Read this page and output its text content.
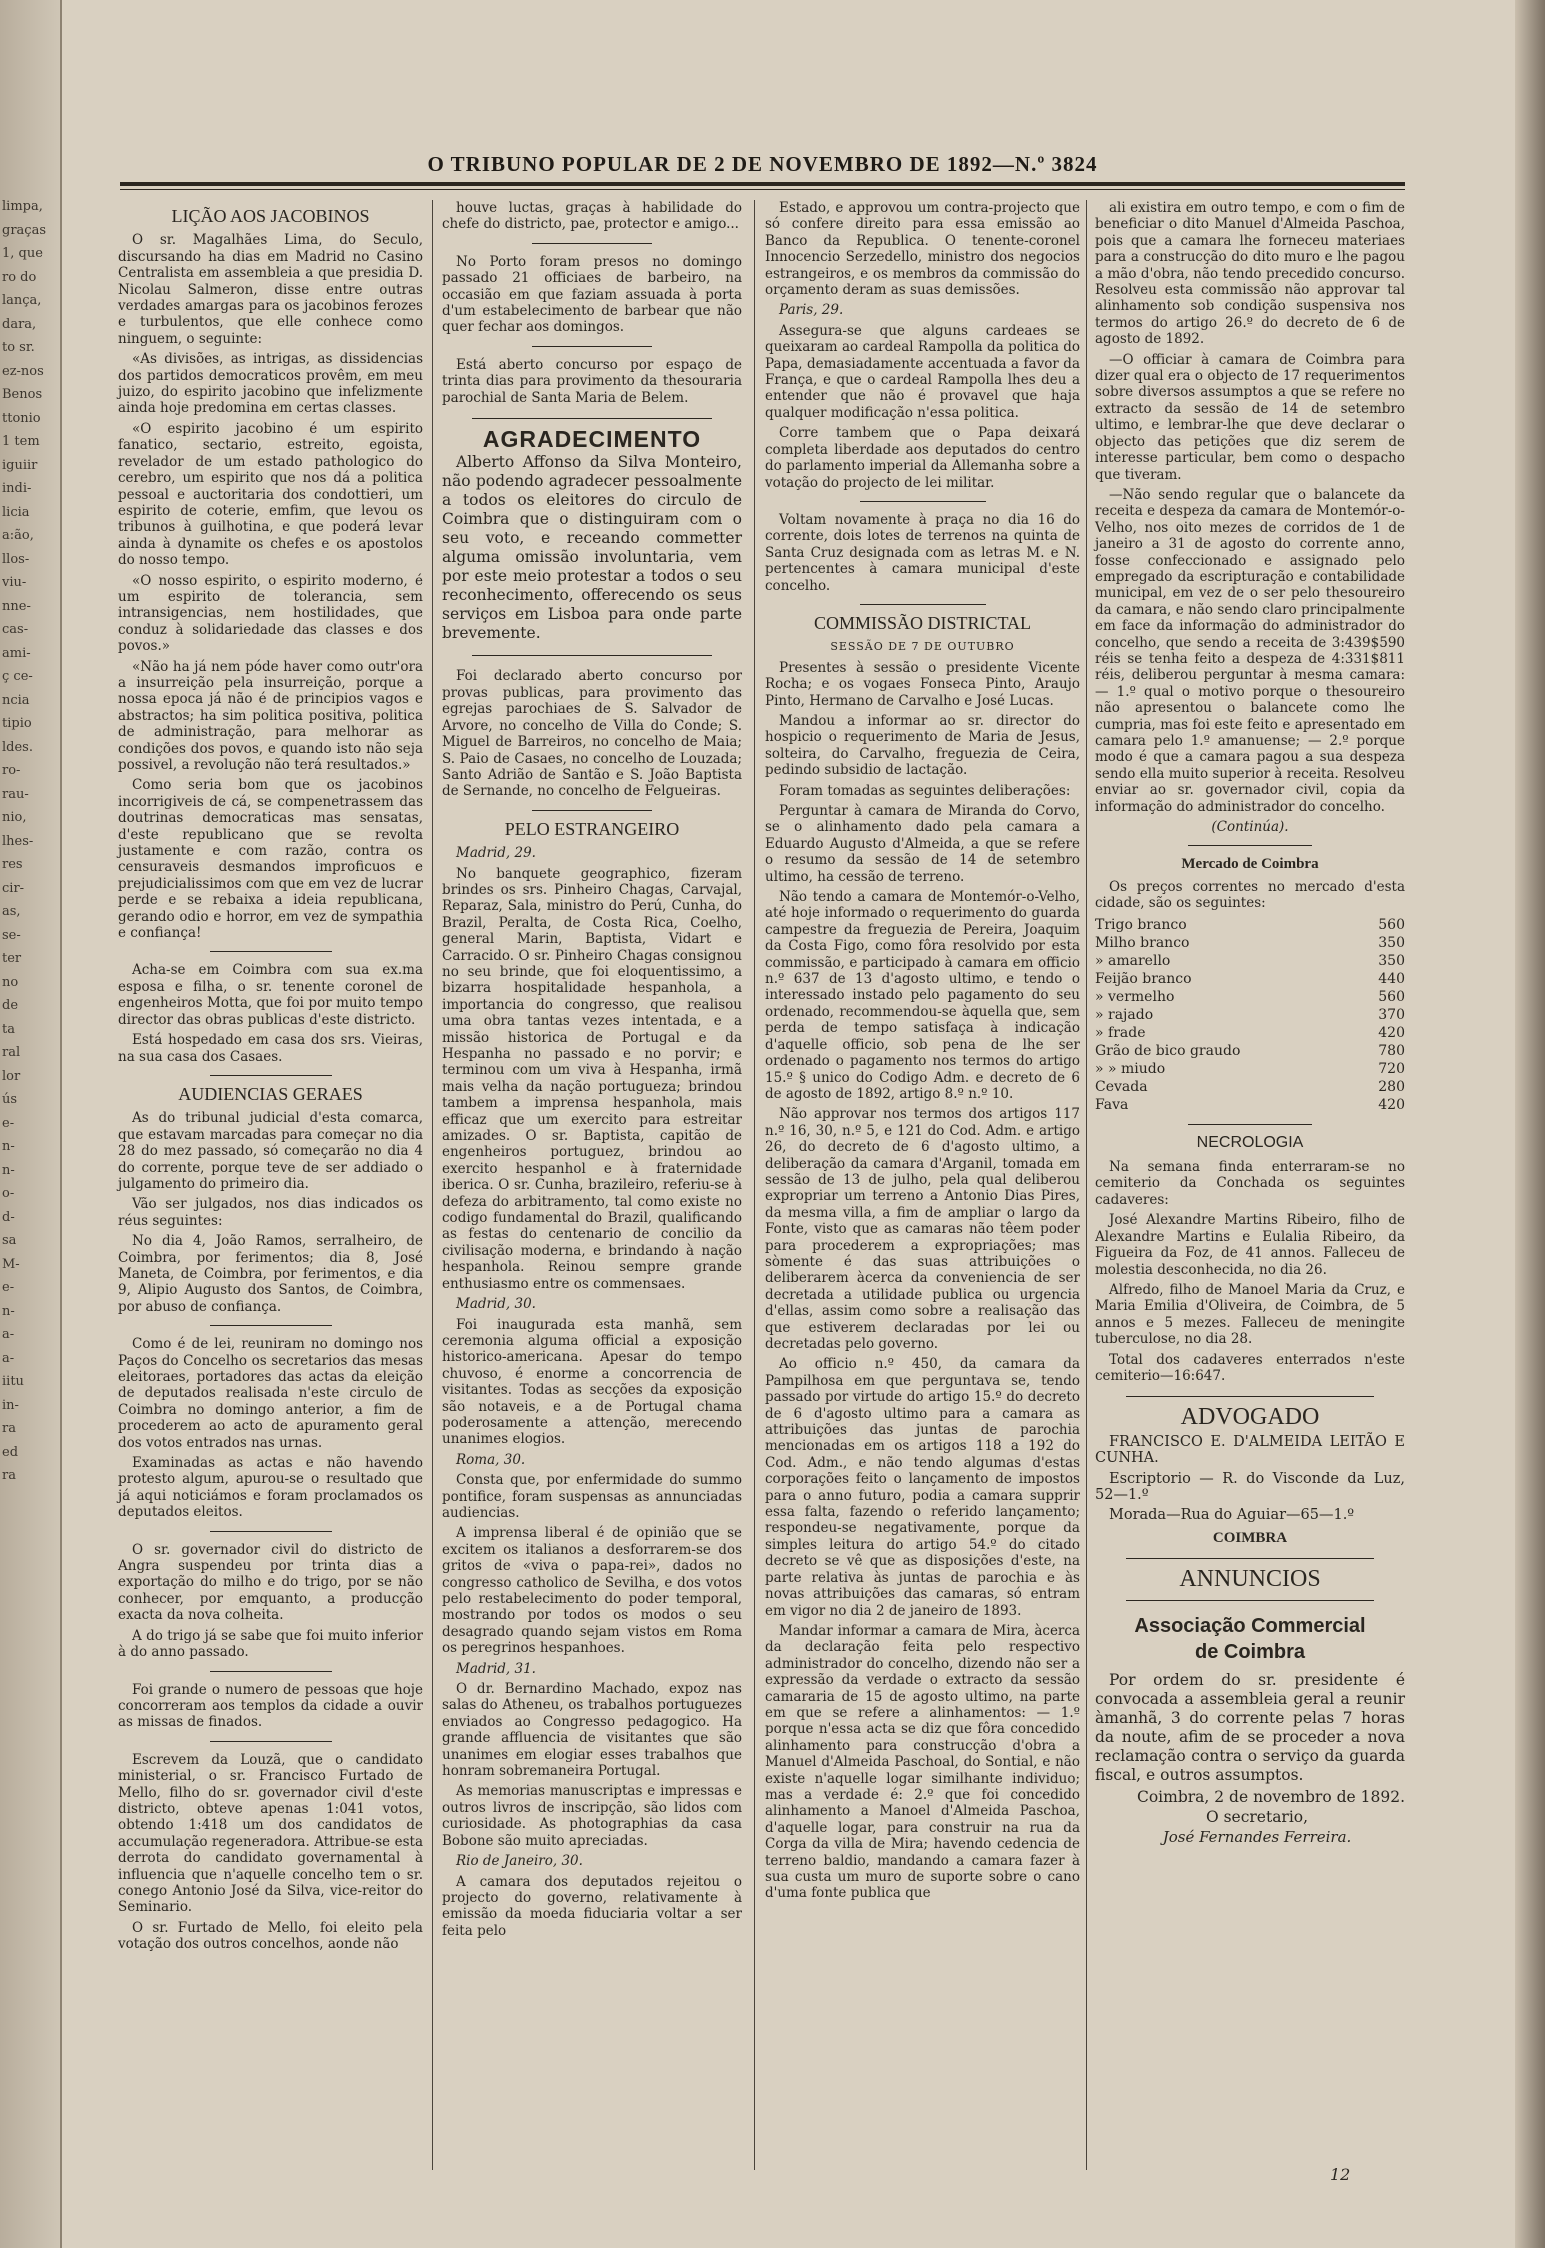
limpa,
graças
1, que
ro do
lança,
dara,
to sr.
ez-nos
Benos
ttonio
1 tem
iguiir
indi-
licia
a:ão,
llos-
viu-
nne-
cas-
ami-
ç ce-
ncia
tipio
ldes.
ro-
rau-
nio,
lhes-
res
cir-
as,
se-
ter
no
de
ta
ral
lor
ús
e-
n-
n-
o-
d-
sa
M-
e-
n-
a-
a-
iitu
in-
ra
ed
ra
O TRIBUNO POPULAR DE 2 DE NOVEMBRO DE 1892—N.º 3824
LIÇÃO AOS JACOBINOS

O sr. Magalhães Lima, do Seculo, discursando ha dias em Madrid no Casino Centralista em assembleia a que presidia D. Nicolau Salmeron, disse entre outras verdades amargas para os jacobinos ferozes e turbulentos, que elle conhece como ninguem, o seguinte:

«As divisões, as intrigas, as dissidencias dos partidos democraticos provêm, em meu juizo, do espirito jacobino que infelizmente ainda hoje predomina em certas classes.

«O espirito jacobino é um espirito fanatico, sectario, estreito, egoista, revelador de um estado pathologico do cerebro, um espirito que nos dá a politica pessoal e auctoritaria dos condottieri, um espirito de coterie, emfim, que levou os tribunos à guilhotina, e que poderá levar ainda à dynamite os chefes e os apostolos do nosso tempo.

«O nosso espirito, o espirito moderno, é um espirito de tolerancia, sem intransigencias, nem hostilidades, que conduz à solidariedade das classes e dos povos.»

«Não ha já nem póde haver como outr'ora a insurreição pela insurreição, porque a nossa epoca já não é de principios vagos e abstractos; ha sim politica positiva, politica de administração, para melhorar as condições dos povos, e quando isto não seja possivel, a revolução não terá resultados.»

Como seria bom que os jacobinos incorrigiveis de cá, se compenetrassem das doutrinas democraticas mas sensatas, d'este republicano que se revolta justamente e com razão, contra os censuraveis desmandos improficuos e prejudicialissimos com que em vez de lucrar perde e se rebaixa a ideia republicana, gerando odio e horror, em vez de sympathia e confiança!

Acha-se em Coimbra com sua ex.ma esposa e filha, o sr. tenente coronel de engenheiros Motta, que foi por muito tempo director das obras publicas d'este districto.

Está hospedado em casa dos srs. Vieiras, na sua casa dos Casaes.

AUDIENCIAS GERAES

As do tribunal judicial d'esta comarca, que estavam marcadas para começar no dia 28 do mez passado, só começarão no dia 4 do corrente, porque teve de ser addiado o julgamento do primeiro dia.

Vão ser julgados, nos dias indicados os réus seguintes:

No dia 4, João Ramos, serralheiro, de Coimbra, por ferimentos; dia 8, José Maneta, de Coimbra, por ferimentos, e dia 9, Alipio Augusto dos Santos, de Coimbra, por abuso de confiança.

Como é de lei, reuniram no domingo nos Paços do Concelho os secretarios das mesas eleitoraes, portadores das actas da eleição de deputados realisada n'este circulo de Coimbra no domingo anterior, a fim de procederem ao acto de apuramento geral dos votos entrados nas urnas.

Examinadas as actas e não havendo protesto algum, apurou-se o resultado que já aqui noticiámos e foram proclamados os deputados eleitos.

O sr. governador civil do districto de Angra suspendeu por trinta dias a exportação do milho e do trigo, por se não conhecer, por emquanto, a producção exacta da nova colheita.

A do trigo já se sabe que foi muito inferior à do anno passado.

Foi grande o numero de pessoas que hoje concorreram aos templos da cidade a ouvir as missas de finados.

Escrevem da Louzã, que o candidato ministerial, o sr. Francisco Furtado de Mello, filho do sr. governador civil d'este districto, obteve apenas 1:041 votos, obtendo 1:418 um dos candidatos de accumulação regeneradora. Attribue-se esta derrota do candidato governamental à influencia que n'aquelle concelho tem o sr. conego Antonio José da Silva, vice-reitor do Seminario.

O sr. Furtado de Mello, foi eleito pela votação dos outros concelhos, aonde não

houve luctas, graças à habilidade do chefe do districto, pae, protector e amigo...

No Porto foram presos no domingo passado 21 officiaes de barbeiro, na occasião em que faziam assuada à porta d'um estabelecimento de barbear que não quer fechar aos domingos.

Está aberto concurso por espaço de trinta dias para provimento da thesouraria parochial de Santa Maria de Belem.

AGRADECIMENTO

Alberto Affonso da Silva Monteiro, não podendo agradecer pessoalmente a todos os eleitores do circulo de Coimbra que o distinguiram com o seu voto, e receando commetter alguma omissão involuntaria, vem por este meio protestar a todos o seu reconhecimento, offerecendo os seus serviços em Lisboa para onde parte brevemente.

Foi declarado aberto concurso por provas publicas, para provimento das egrejas parochiaes de S. Salvador de Arvore, no concelho de Villa do Conde; S. Miguel de Barreiros, no concelho de Maia; S. Paio de Casaes, no concelho de Louzada; Santo Adrião de Santão e S. João Baptista de Sernande, no concelho de Felgueiras.

PELO ESTRANGEIRO

Madrid, 29.

No banquete geographico, fizeram brindes os srs. Pinheiro Chagas, Carvajal, Reparaz, Sala, ministro do Perú, Cunha, do Brazil, Peralta, de Costa Rica, Coelho, general Marin, Baptista, Vidart e Carracido. O sr. Pinheiro Chagas consignou no seu brinde, que foi eloquentissimo, a bizarra hospitalidade hespanhola, a importancia do congresso, que realisou uma obra tantas vezes intentada, e a missão historica de Portugal e da Hespanha no passado e no porvir; e terminou com um viva à Hespanha, irmã mais velha da nação portugueza; brindou tambem a imprensa hespanhola, mais efficaz que um exercito para estreitar amizades. O sr. Baptista, capitão de engenheiros portuguez, brindou ao exercito hespanhol e à fraternidade iberica. O sr. Cunha, brazileiro, referiu-se à defeza do arbitramento, tal como existe no codigo fundamental do Brazil, qualificando as festas do centenario de concilio da civilisação moderna, e brindando à nação hespanhola. Reinou sempre grande enthusiasmo entre os commensaes.

Madrid, 30.

Foi inaugurada esta manhã, sem ceremonia alguma official a exposição historico-americana. Apesar do tempo chuvoso, é enorme a concorrencia de visitantes. Todas as secções da exposição são notaveis, e a de Portugal chama poderosamente a attenção, merecendo unanimes elogios.

Roma, 30.

Consta que, por enfermidade do summo pontifice, foram suspensas as annunciadas audiencias.

A imprensa liberal é de opinião que se excitem os italianos a desforrarem-se dos gritos de «viva o papa-rei», dados no congresso catholico de Sevilha, e dos votos pelo restabelecimento do poder temporal, mostrando por todos os modos o seu desagrado quando sejam vistos em Roma os peregrinos hespanhoes.

Madrid, 31.

O dr. Bernardino Machado, expoz nas salas do Atheneu, os trabalhos portuguezes enviados ao Congresso pedagogico. Ha grande affluencia de visitantes que são unanimes em elogiar esses trabalhos que honram sobremaneira Portugal.

As memorias manuscriptas e impressas e outros livros de inscripção, são lidos com curiosidade. As photographias da casa Bobone são muito apreciadas.

Rio de Janeiro, 30.

A camara dos deputados rejeitou o projecto do governo, relativamente à emissão da moeda fiduciaria voltar a ser feita pelo

Estado, e approvou um contra-projecto que só confere direito para essa emissão ao Banco da Republica. O tenente-coronel Innocencio Serzedello, ministro dos negocios estrangeiros, e os membros da commissão do orçamento deram as suas demissões.

Paris, 29.

Assegura-se que alguns cardeaes se queixaram ao cardeal Rampolla da politica do Papa, demasiadamente accentuada a favor da França, e que o cardeal Rampolla lhes deu a entender que não é provavel que haja qualquer modificação n'essa politica.

Corre tambem que o Papa deixará completa liberdade aos deputados do centro do parlamento imperial da Allemanha sobre a votação do projecto de lei militar.

Voltam novamente à praça no dia 16 do corrente, dois lotes de terrenos na quinta de Santa Cruz designada com as letras M. e N. pertencentes à camara municipal d'este concelho.

COMMISSÃO DISTRICTAL

SESSÃO DE 7 DE OUTUBRO

Presentes à sessão o presidente Vicente Rocha; e os vogaes Fonseca Pinto, Araujo Pinto, Hermano de Carvalho e José Lucas.

Mandou a informar ao sr. director do hospicio o requerimento de Maria de Jesus, solteira, do Carvalho, freguezia de Ceira, pedindo subsidio de lactação.

Foram tomadas as seguintes deliberações:

Perguntar à camara de Miranda do Corvo, se o alinhamento dado pela camara a Eduardo Augusto d'Almeida, a que se refere o resumo da sessão de 14 de setembro ultimo, ha cessão de terreno.

Não tendo a camara de Montemór-o-Velho, até hoje informado o requerimento do guarda campestre da freguezia de Pereira, Joaquim da Costa Figo, como fôra resolvido por esta commissão, e participado à camara em officio n.º 637 de 13 d'agosto ultimo, e tendo o interessado instado pelo pagamento do seu ordenado, recommendou-se àquella que, sem perda de tempo satisfaça à indicação d'aquelle officio, sob pena de lhe ser ordenado o pagamento nos termos do artigo 15.º § unico do Codigo Adm. e decreto de 6 de agosto de 1892, artigo 8.º n.º 10.

Não approvar nos termos dos artigos 117 n.º 16, 30, n.º 5, e 121 do Cod. Adm. e artigo 26, do decreto de 6 d'agosto ultimo, a deliberação da camara d'Arganil, tomada em sessão de 13 de julho, pela qual deliberou expropriar um terreno a Antonio Dias Pires, da mesma villa, a fim de ampliar o largo da Fonte, visto que as camaras não têem poder para procederem a expropriações; mas sòmente é das suas attribuições o deliberarem àcerca da conveniencia de ser decretada a utilidade publica ou urgencia d'ellas, assim como sobre a realisação das que estiverem declaradas por lei ou decretadas pelo governo.

Ao officio n.º 450, da camara da Pampilhosa em que perguntava se, tendo passado por virtude do artigo 15.º do decreto de 6 d'agosto ultimo para a camara as attribuições das juntas de parochia mencionadas em os artigos 118 a 192 do Cod. Adm., e não tendo algumas d'estas corporações feito o lançamento de impostos para o anno futuro, podia a camara supprir essa falta, fazendo o referido lançamento; respondeu-se negativamente, porque da simples leitura do artigo 54.º do citado decreto se vê que as disposições d'este, na parte relativa às juntas de parochia e às novas attribuições das camaras, só entram em vigor no dia 2 de janeiro de 1893.

Mandar informar a camara de Mira, àcerca da declaração feita pelo respectivo administrador do concelho, dizendo não ser a expressão da verdade o extracto da sessão camararia de 15 de agosto ultimo, na parte em que se refere a alinhamentos: — 1.º porque n'essa acta se diz que fôra concedido alinhamento para construcção d'obra a Manuel d'Almeida Paschoal, do Sontial, e não existe n'aquelle logar similhante individuo; mas a verdade é: 2.º que foi concedido alinhamento a Manoel d'Almeida Paschoa, d'aquelle logar, para construir na rua da Corga da villa de Mira; havendo cedencia de terreno baldio, mandando a camara fazer à sua custa um muro de suporte sobre o cano d'uma fonte publica que

ali existira em outro tempo, e com o fim de beneficiar o dito Manuel d'Almeida Paschoa, pois que a camara lhe forneceu materiaes para a construcção do dito muro e lhe pagou a mão d'obra, não tendo precedido concurso. Resolveu esta commissão não approvar tal alinhamento sob condição suspensiva nos termos do artigo 26.º do decreto de 6 de agosto de 1892.

—O officiar à camara de Coimbra para dizer qual era o objecto de 17 requerimentos sobre diversos assumptos a que se refere no extracto da sessão de 14 de setembro ultimo, e lembrar-lhe que deve declarar o objecto das petições que diz serem de interesse particular, bem como o despacho que tiveram.

—Não sendo regular que o balancete da receita e despeza da camara de Montemór-o-Velho, nos oito mezes de corridos de 1 de janeiro a 31 de agosto do corrente anno, fosse confeccionado e assignado pelo empregado da escripturação e contabilidade municipal, em vez de o ser pelo thesoureiro da camara, e não sendo claro principalmente em face da informação do administrador do concelho, que sendo a receita de 3:439$590 réis se tenha feito a despeza de 4:331$811 réis, deliberou perguntar à mesma camara: — 1.º qual o motivo porque o thesoureiro não apresentou o balancete como lhe cumpria, mas foi este feito e apresentado em camara pelo 1.º amanuense; — 2.º porque modo é que a camara pagou a sua despeza sendo ella muito superior à receita. Resolveu enviar ao sr. governador civil, copia da informação do administrador do concelho.

(Continúa).

Mercado de Coimbra

Os preços correntes no mercado d'esta cidade, são os seguintes:

Trigo branco	560
Milho branco	350
» amarello	350
Feijão branco	440
» vermelho	560
» rajado	370
» frade	420
Grão de bico graudo	780
» » miudo	720
Cevada	280
Fava	420
NECROLOGIA

Na semana finda enterraram-se no cemiterio da Conchada os seguintes cadaveres:

José Alexandre Martins Ribeiro, filho de Alexandre Martins e Eulalia Ribeiro, da Figueira da Foz, de 41 annos. Falleceu de molestia desconhecida, no dia 26.

Alfredo, filho de Manoel Maria da Cruz, e Maria Emilia d'Oliveira, de Coimbra, de 5 annos e 5 mezes. Falleceu de meningite tuberculose, no dia 28.

Total dos cadaveres enterrados n'este cemiterio—16:647.

ADVOGADO

FRANCISCO E. D'ALMEIDA LEITÃO E CUNHA.

Escriptorio — R. do Visconde da Luz, 52—1.º

Morada—Rua do Aguiar—65—1.º

COIMBRA
ANNUNCIOS
Associação Commercial
de Coimbra

Por ordem do sr. presidente é convocada a assembleia geral a reunir àmanhã, 3 do corrente pelas 7 horas da noute, afim de se proceder a nova reclamação contra o serviço da guarda fiscal, e outros assumptos.

Coimbra, 2 de novembro de 1892.

O secretario,

José Fernandes Ferreira.

12
